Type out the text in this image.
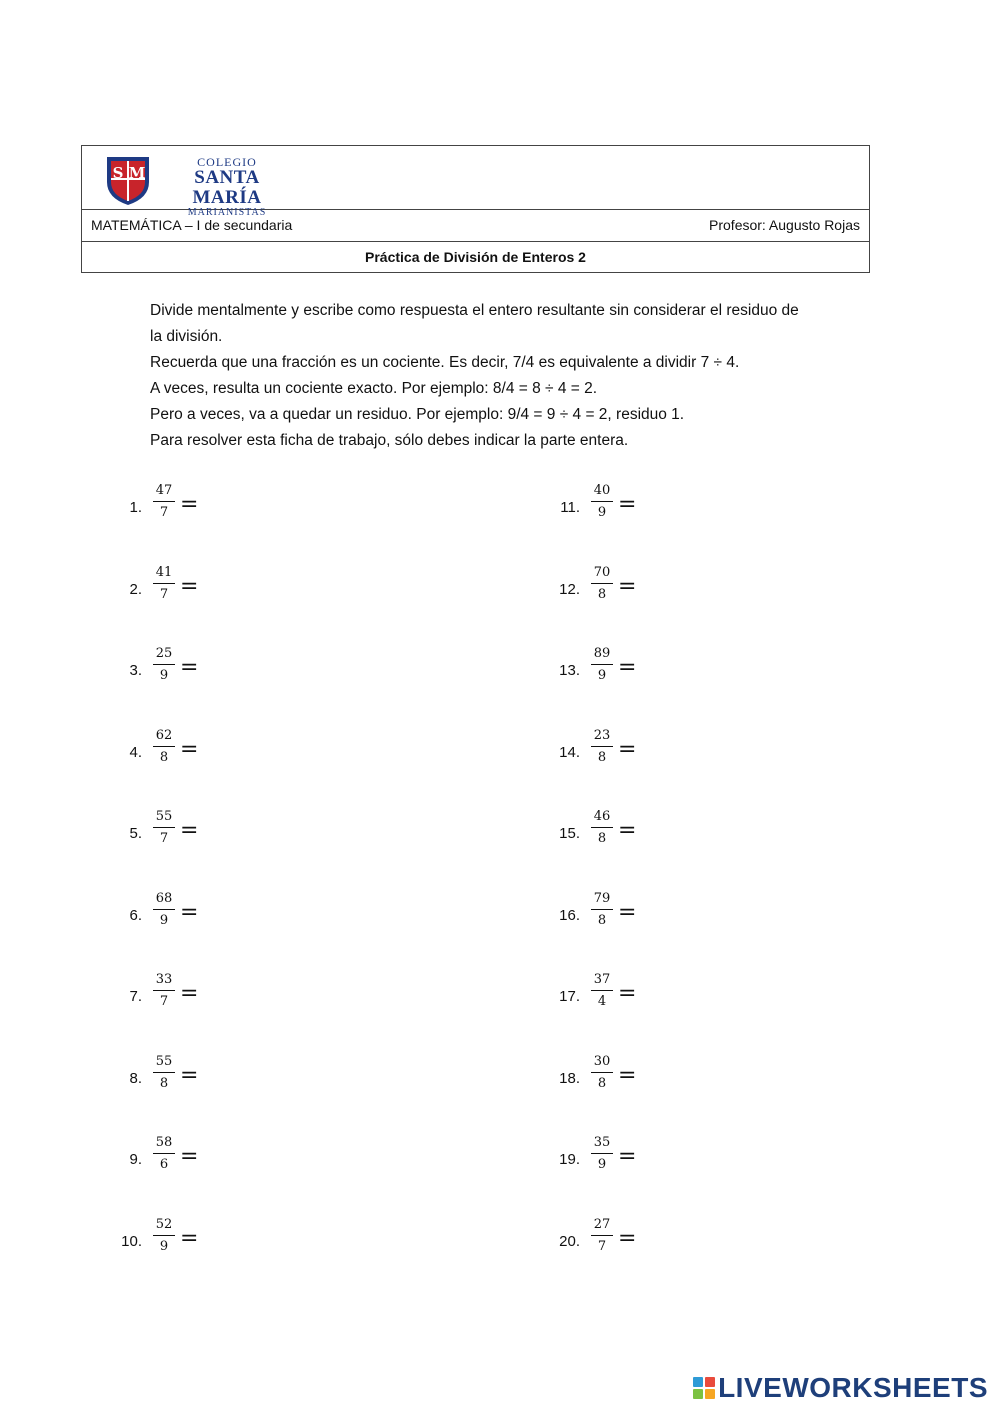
S M
COLEGIO
SANTA MARÍA
MARIANISTAS
MATEMÁTICA – I de secundaria	Profesor: Augusto Rojas
Práctica de División de Enteros 2

Divide mentalmente y escribe como respuesta el entero resultante sin considerar el residuo de la división.

Recuerda que una fracción es un cociente. Es decir, 7/4 es equivalente a dividir 7 ÷ 4.

A veces, resulta un cociente exacto. Por ejemplo: 8/4 = 8 ÷ 4 = 2.

Pero a veces, va a quedar un residuo. Por ejemplo: 9/4 = 9 ÷ 4 = 2, residuo 1.

Para resolver esta ficha de trabajo, sólo debes indicar la parte entera.

1.
47
7 =
2.
41
7 =
3.
25
9 =
4.
62
8 =
5.
55
7 =
6.
68
9 =
7.
33
7 =
8.
55
8 =
9.
58
6 =
10.
52
9 =
11.
40
9 =
12.
70
8 =
13.
89
9 =
14.
23
8 =
15.
46
8 =
16.
79
8 =
17.
37
4 =
18.
30
8 =
19.
35
9 =
20.
27
7 =
LIVEWORKSHEETS
